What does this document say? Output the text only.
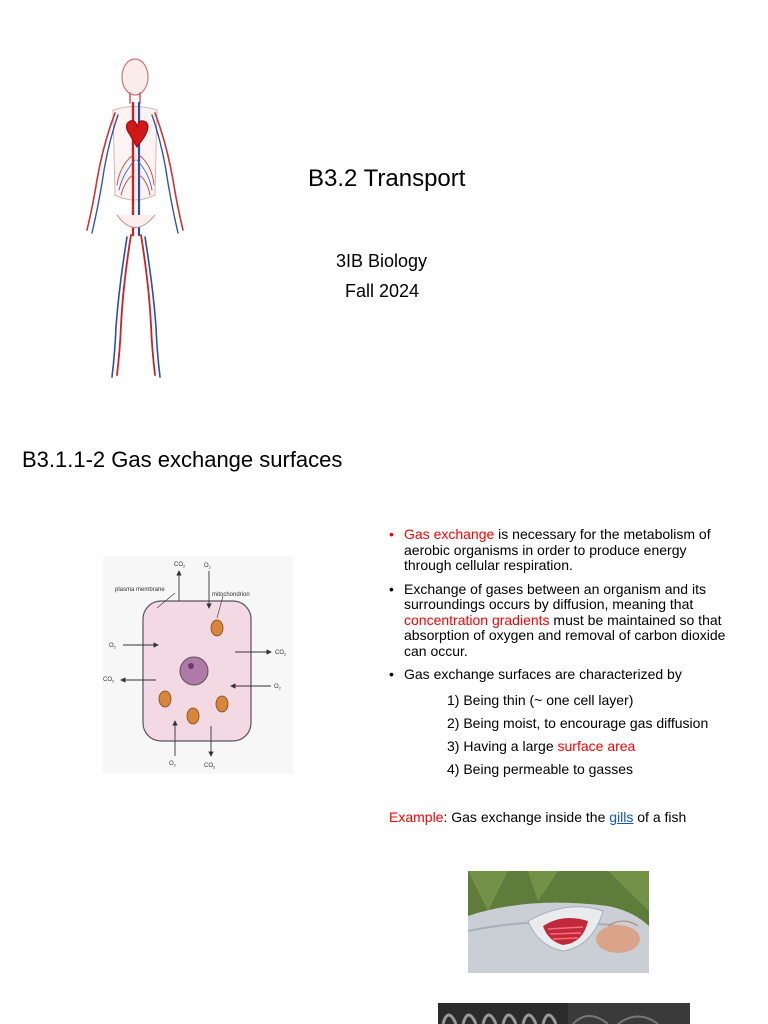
B3.2 Transport
3IB Biology
Fall 2024
B3.1.1-2 Gas exchange surfaces
plasma membrane
mitochondrion
$CO_2$	$O_2$
$O_2$
$CO_2$
$CO_2$
$O_2$
$O_2$	$CO_2$
• Gas exchange is necessary for the metabolism of aerobic organisms in order to produce energy through cellular respiration.
• Exchange of gases between an organism and its surroundings occurs by diffusion, meaning that concentration gradients must be maintained so that absorption of oxygen and removal of carbon dioxide can occur.
• Gas exchange surfaces are characterized by
1) Being thin (~ one cell layer)
2) Being moist, to encourage gas diffusion
3) Having a large surface area
4) Being permeable to gasses
Example: Gas exchange inside the gills of a fish
